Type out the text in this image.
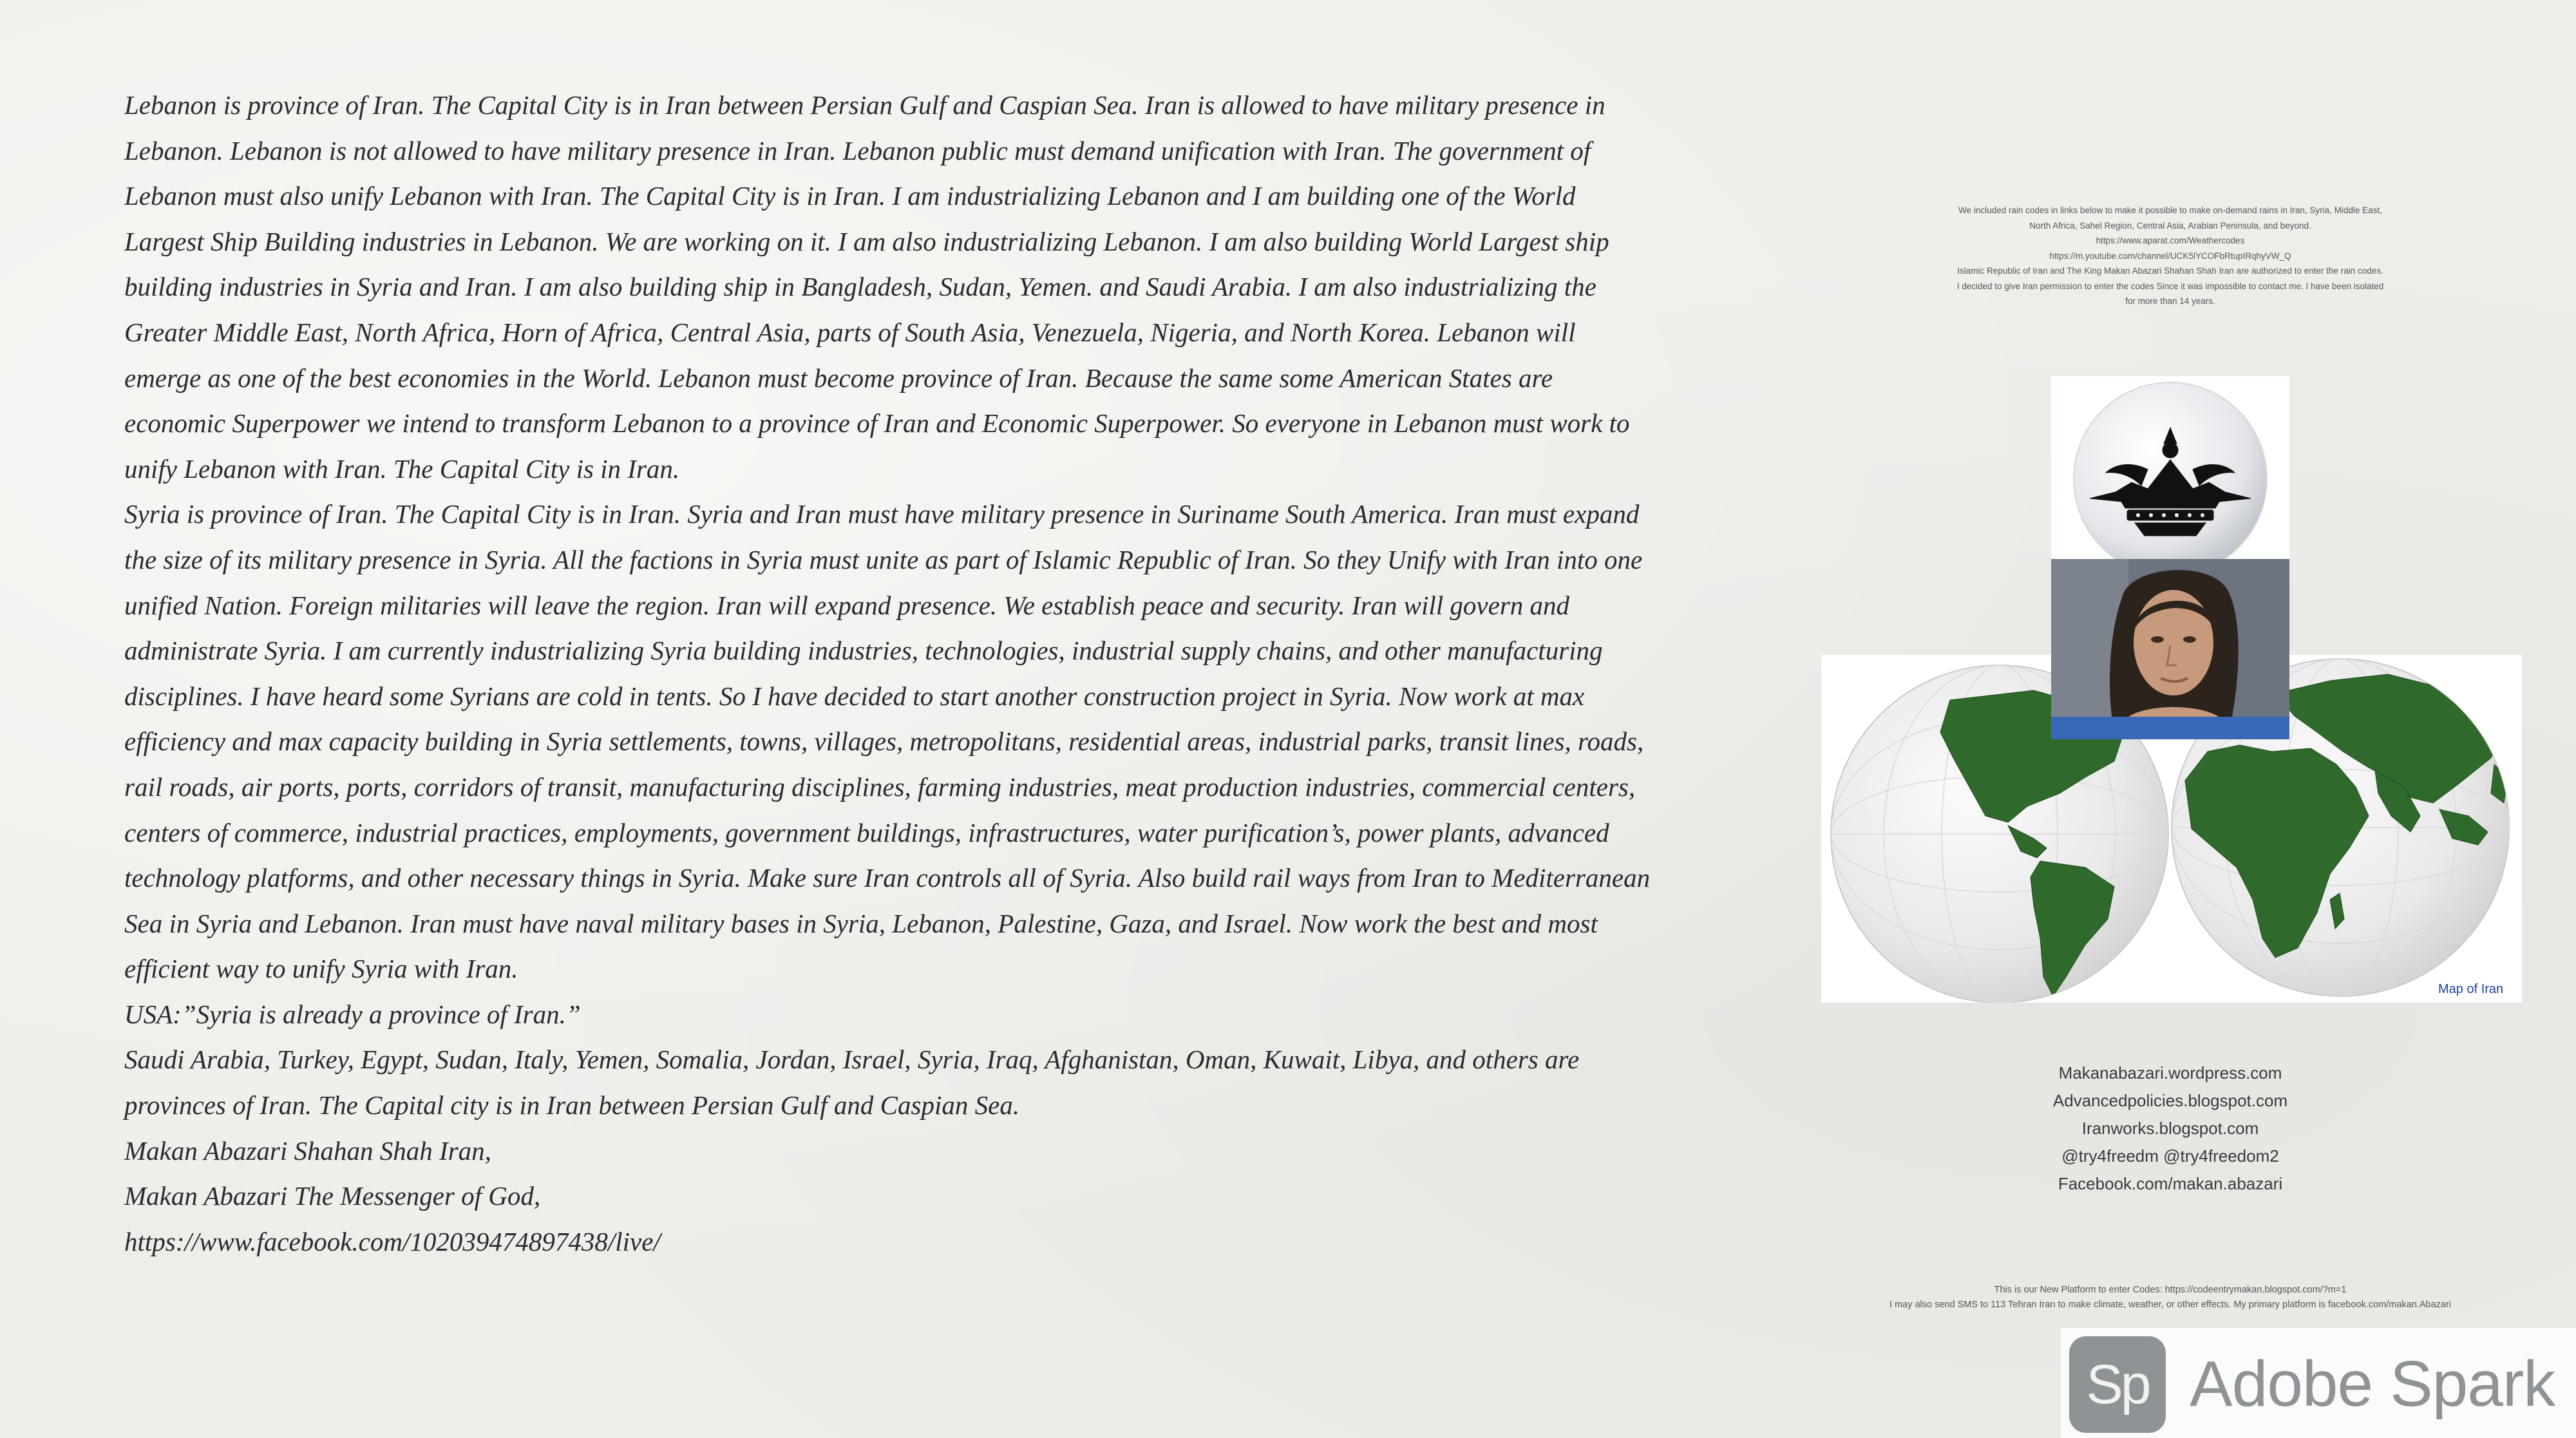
Lebanon is province of Iran. The Capital City is in Iran between Persian Gulf and Caspian Sea. Iran is allowed to have military presence in Lebanon. Lebanon is not allowed to have military presence in Iran. Lebanon public must demand unification with Iran. The government of Lebanon must also unify Lebanon with Iran. The Capital City is in Iran. I am industrializing Lebanon and I am building one of the World Largest Ship Building industries in Lebanon. We are working on it. I am also industrializing Lebanon. I am also building World Largest ship building industries in Syria and Iran. I am also building ship in Bangladesh, Sudan, Yemen. and Saudi Arabia. I am also industrializing the Greater Middle East, North Africa, Horn of Africa, Central Asia, parts of South Asia, Venezuela, Nigeria, and North Korea. Lebanon will emerge as one of the best economies in the World. Lebanon must become province of Iran. Because the same some American States are economic Superpower we intend to transform Lebanon to a province of Iran and Economic Superpower. So everyone in Lebanon must work to unify Lebanon with Iran. The Capital City is in Iran.

Syria is province of Iran. The Capital City is in Iran. Syria and Iran must have military presence in Suriname South America. Iran must expand the size of its military presence in Syria. All the factions in Syria must unite as part of Islamic Republic of Iran. So they Unify with Iran into one unified Nation. Foreign militaries will leave the region. Iran will expand presence. We establish peace and security. Iran will govern and administrate Syria. I am currently industrializing Syria building industries, technologies, industrial supply chains, and other manufacturing disciplines. I have heard some Syrians are cold in tents. So I have decided to start another construction project in Syria. Now work at max efficiency and max capacity building in Syria settlements, towns, villages, metropolitans, residential areas, industrial parks, transit lines, roads, rail roads, air ports, ports, corridors of transit, manufacturing disciplines, farming industries, meat production industries, commercial centers, centers of commerce, industrial practices, employments, government buildings, infrastructures, water purification’s, power plants, advanced technology platforms, and other necessary things in Syria. Make sure Iran controls all of Syria. Also build rail ways from Iran to Mediterranean Sea in Syria and Lebanon. Iran must have naval military bases in Syria, Lebanon, Palestine, Gaza, and Israel. Now work the best and most efficient way to unify Syria with Iran.

USA:”Syria is already a province of Iran.”

Saudi Arabia, Turkey, Egypt, Sudan, Italy, Yemen, Somalia, Jordan, Israel, Syria, Iraq, Afghanistan, Oman, Kuwait, Libya, and others are provinces of Iran. The Capital city is in Iran between Persian Gulf and Caspian Sea.

Makan Abazari Shahan Shah Iran,

Makan Abazari The Messenger of God,

https://www.facebook.com/102039474897438/live/

We included rain codes in links below to make it possible to make on-demand rains in Iran, Syria, Middle East,
North Africa, Sahel Region, Central Asia, Arabian Peninsula, and beyond.
https://www.aparat.com/Weathercodes
https://m.youtube.com/channel/UCK5lYCOFbRtupIRqhyVW_Q
Islamic Republic of Iran and The King Makan Abazari Shahan Shah Iran are authorized to enter the rain codes.
I decided to give Iran permission to enter the codes Since it was impossible to contact me. I have been isolated
for more than 14 years.
Map of Iran
Makanabazari.wordpress.com
Advancedpolicies.blogspot.com
Iranworks.blogspot.com
@try4freedm @try4freedom2
Facebook.com/makan.abazari
This is our New Platform to enter Codes: https://codeentrymakan.blogspot.com/?m=1
I may also send SMS to 113 Tehran Iran to make climate, weather, or other effects. My primary platform is facebook.com/makan.Abazari
Sp Adobe Spark
